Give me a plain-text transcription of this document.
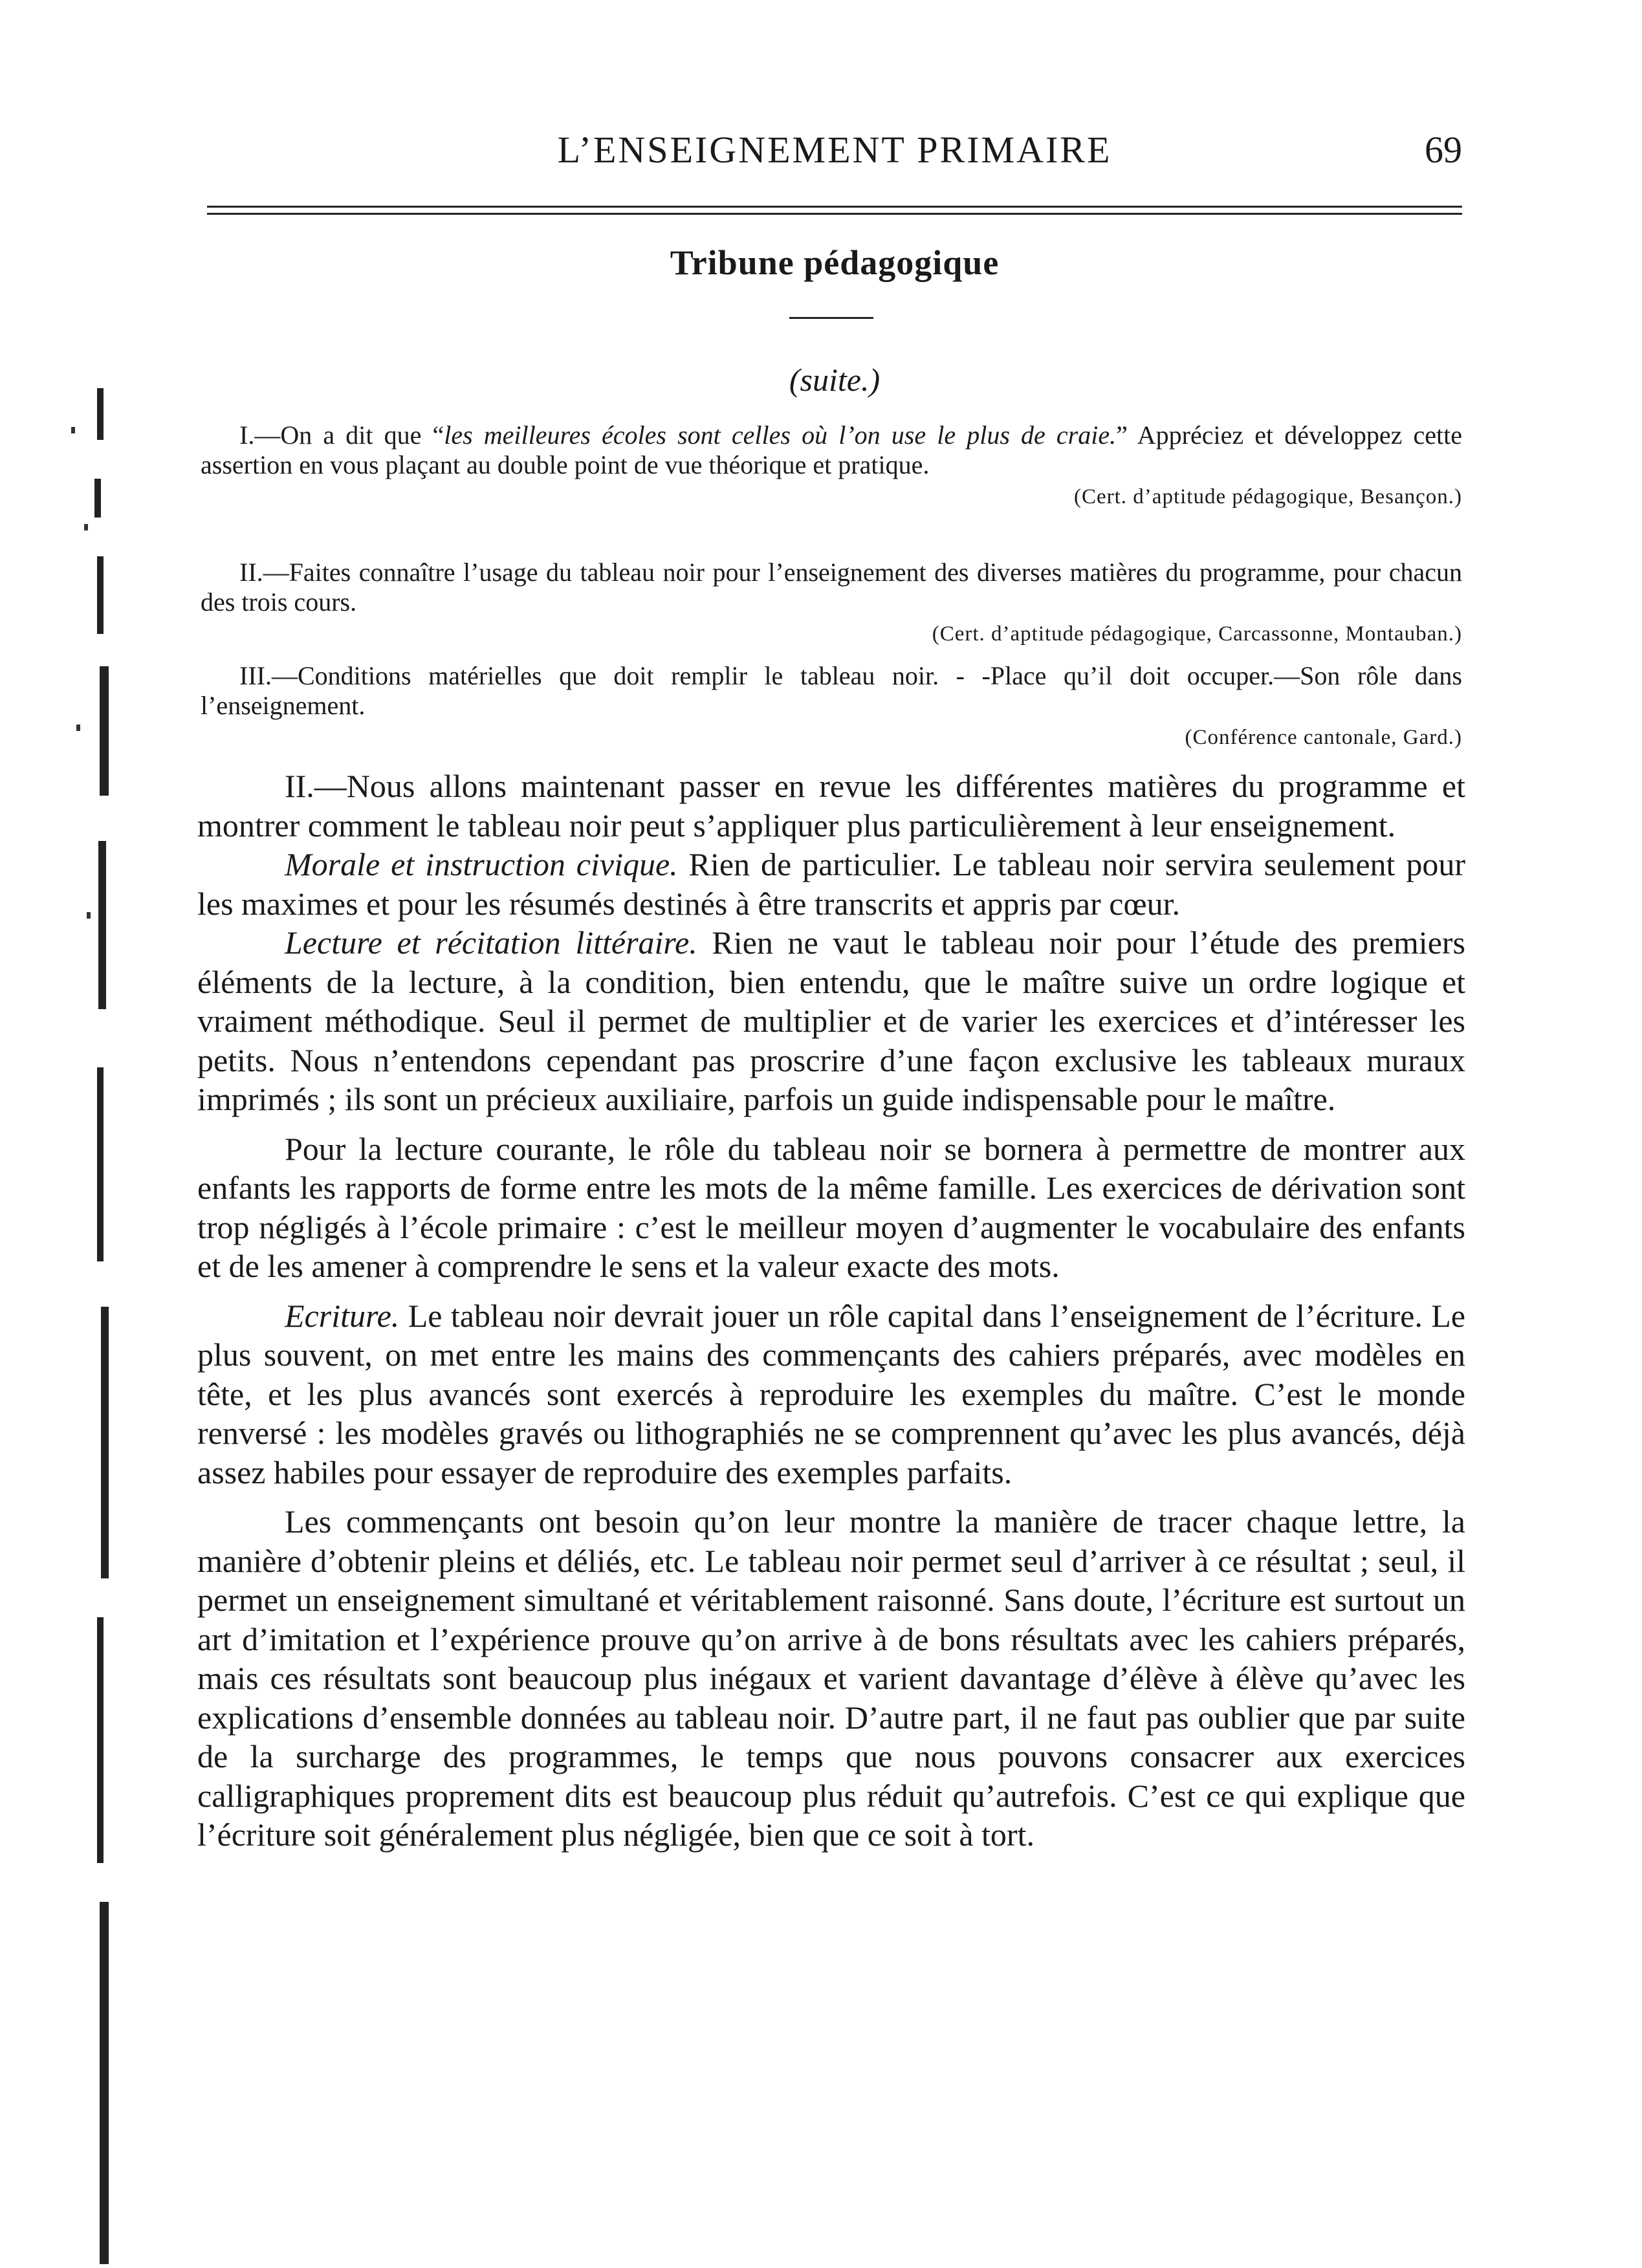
L’ENSEIGNEMENT PRIMAIRE	69
Tribune pédagogique
(suite.)
I.—On a dit que “les meilleures écoles sont celles où l’on use le plus de craie.” Appréciez et développez cette assertion en vous plaçant au double point de vue théorique et pratique.
(Cert. d’aptitude pédagogique, Besançon.)
II.—Faites connaître l’usage du tableau noir pour l’enseignement des diverses matières du programme, pour chacun des trois cours.
(Cert. d’aptitude pédagogique, Carcassonne, Montauban.)
III.—Conditions matérielles que doit remplir le tableau noir. - -Place qu’il doit occuper.—Son rôle dans l’enseignement.
(Conférence cantonale, Gard.)

II.—Nous allons maintenant passer en revue les différentes matières du programme et montrer comment le tableau noir peut s’appliquer plus particulièrement à leur enseignement.

Morale et instruction civique. Rien de particulier. Le tableau noir servira seulement pour les maximes et pour les résumés destinés à être transcrits et appris par cœur.

Lecture et récitation littéraire. Rien ne vaut le tableau noir pour l’étude des premiers éléments de la lecture, à la condition, bien entendu, que le maître suive un ordre logique et vraiment méthodique. Seul il permet de multiplier et de varier les exercices et d’intéresser les petits. Nous n’entendons cependant pas proscrire d’une façon exclusive les tableaux muraux imprimés ; ils sont un précieux auxiliaire, parfois un guide indispensable pour le maître.

Pour la lecture courante, le rôle du tableau noir se bornera à permettre de montrer aux enfants les rapports de forme entre les mots de la même famille. Les exercices de dérivation sont trop négligés à l’école primaire : c’est le meilleur moyen d’augmenter le vocabulaire des enfants et de les amener à comprendre le sens et la valeur exacte des mots.

Ecriture. Le tableau noir devrait jouer un rôle capital dans l’enseignement de l’écriture. Le plus souvent, on met entre les mains des commençants des cahiers préparés, avec modèles en tête, et les plus avancés sont exercés à reproduire les exemples du maître. C’est le monde renversé : les modèles gravés ou lithographiés ne se comprennent qu’avec les plus avancés, déjà assez habiles pour essayer de reproduire des exemples parfaits.

Les commençants ont besoin qu’on leur montre la manière de tracer chaque lettre, la manière d’obtenir pleins et déliés, etc. Le tableau noir permet seul d’arriver à ce résultat ; seul, il permet un enseignement simultané et véritablement raisonné. Sans doute, l’écriture est surtout un art d’imitation et l’expérience prouve qu’on arrive à de bons résultats avec les cahiers préparés, mais ces résultats sont beaucoup plus inégaux et varient davantage d’élève à élève qu’avec les explications d’ensemble données au tableau noir. D’autre part, il ne faut pas oublier que par suite de la surcharge des programmes, le temps que nous pouvons consacrer aux exercices calligraphiques proprement dits est beaucoup plus réduit qu’autrefois. C’est ce qui explique que l’écriture soit généralement plus négligée, bien que ce soit à tort.
